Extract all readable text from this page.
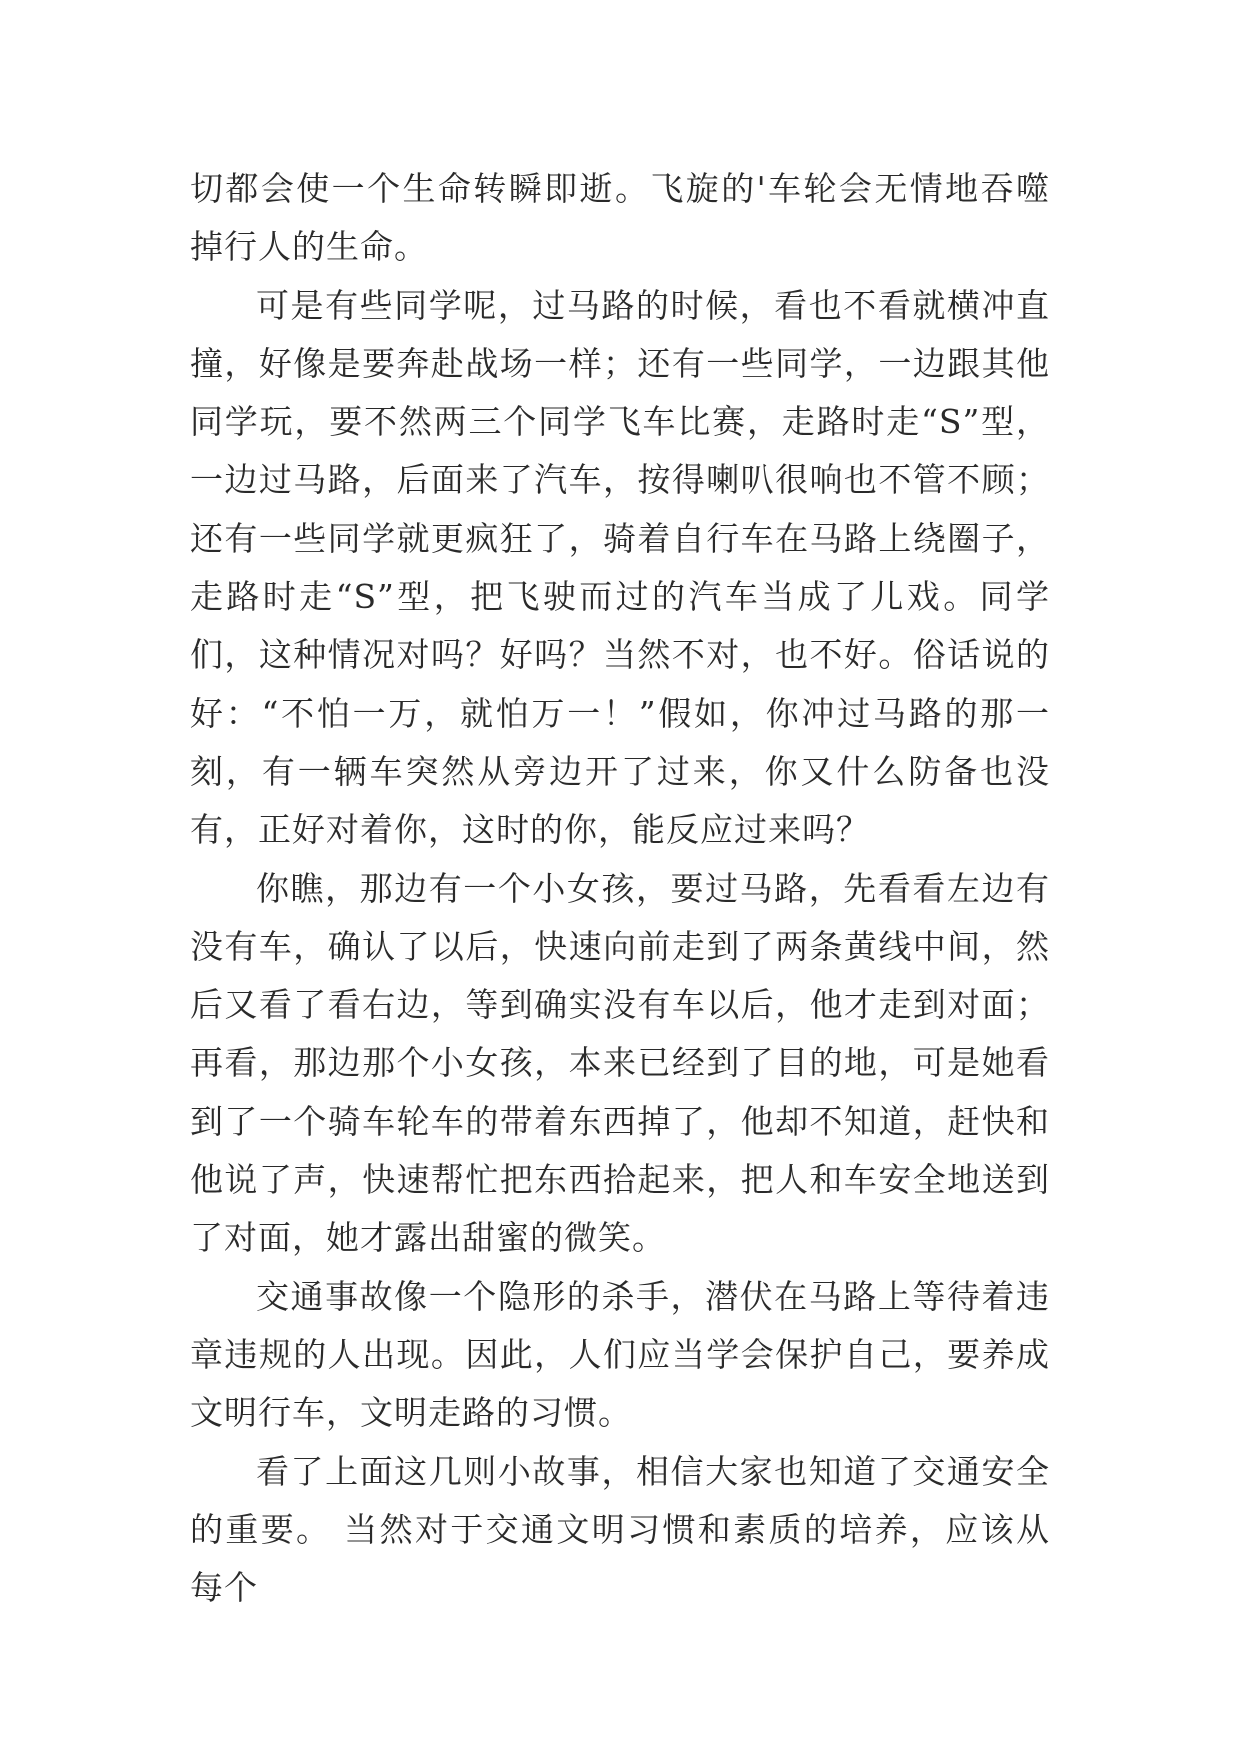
切都会使一个生命转瞬即逝。飞旋的'车轮会无情地吞噬掉行人的生命。

可是有些同学呢，过马路的时候，看也不看就横冲直撞，好像是要奔赴战场一样；还有一些同学，一边跟其他同学玩，要不然两三个同学飞车比赛，走路时走“S”型，一边过马路，后面来了汽车，按得喇叭很响也不管不顾；还有一些同学就更疯狂了，骑着自行车在马路上绕圈子，走路时走“S”型，把飞驶而过的汽车当成了儿戏。同学们，这种情况对吗？好吗？当然不对，也不好。俗话说的好：“不怕一万，就怕万一！”假如，你冲过马路的那一刻，有一辆车突然从旁边开了过来，你又什么防备也没有，正好对着你，这时的你，能反应过来吗？

你瞧，那边有一个小女孩，要过马路，先看看左边有没有车，确认了以后，快速向前走到了两条黄线中间，然后又看了看右边，等到确实没有车以后，他才走到对面；再看，那边那个小女孩，本来已经到了目的地，可是她看到了一个骑车轮车的带着东西掉了，他却不知道，赶快和他说了声，快速帮忙把东西拾起来，把人和车安全地送到了对面，她才露出甜蜜的微笑。

交通事故像一个隐形的杀手，潜伏在马路上等待着违章违规的人出现。因此，人们应当学会保护自己，要养成文明行车，文明走路的习惯。

看了上面这几则小故事，相信大家也知道了交通安全的重要。 当然对于交通文明习惯和素质的培养，应该从每个
